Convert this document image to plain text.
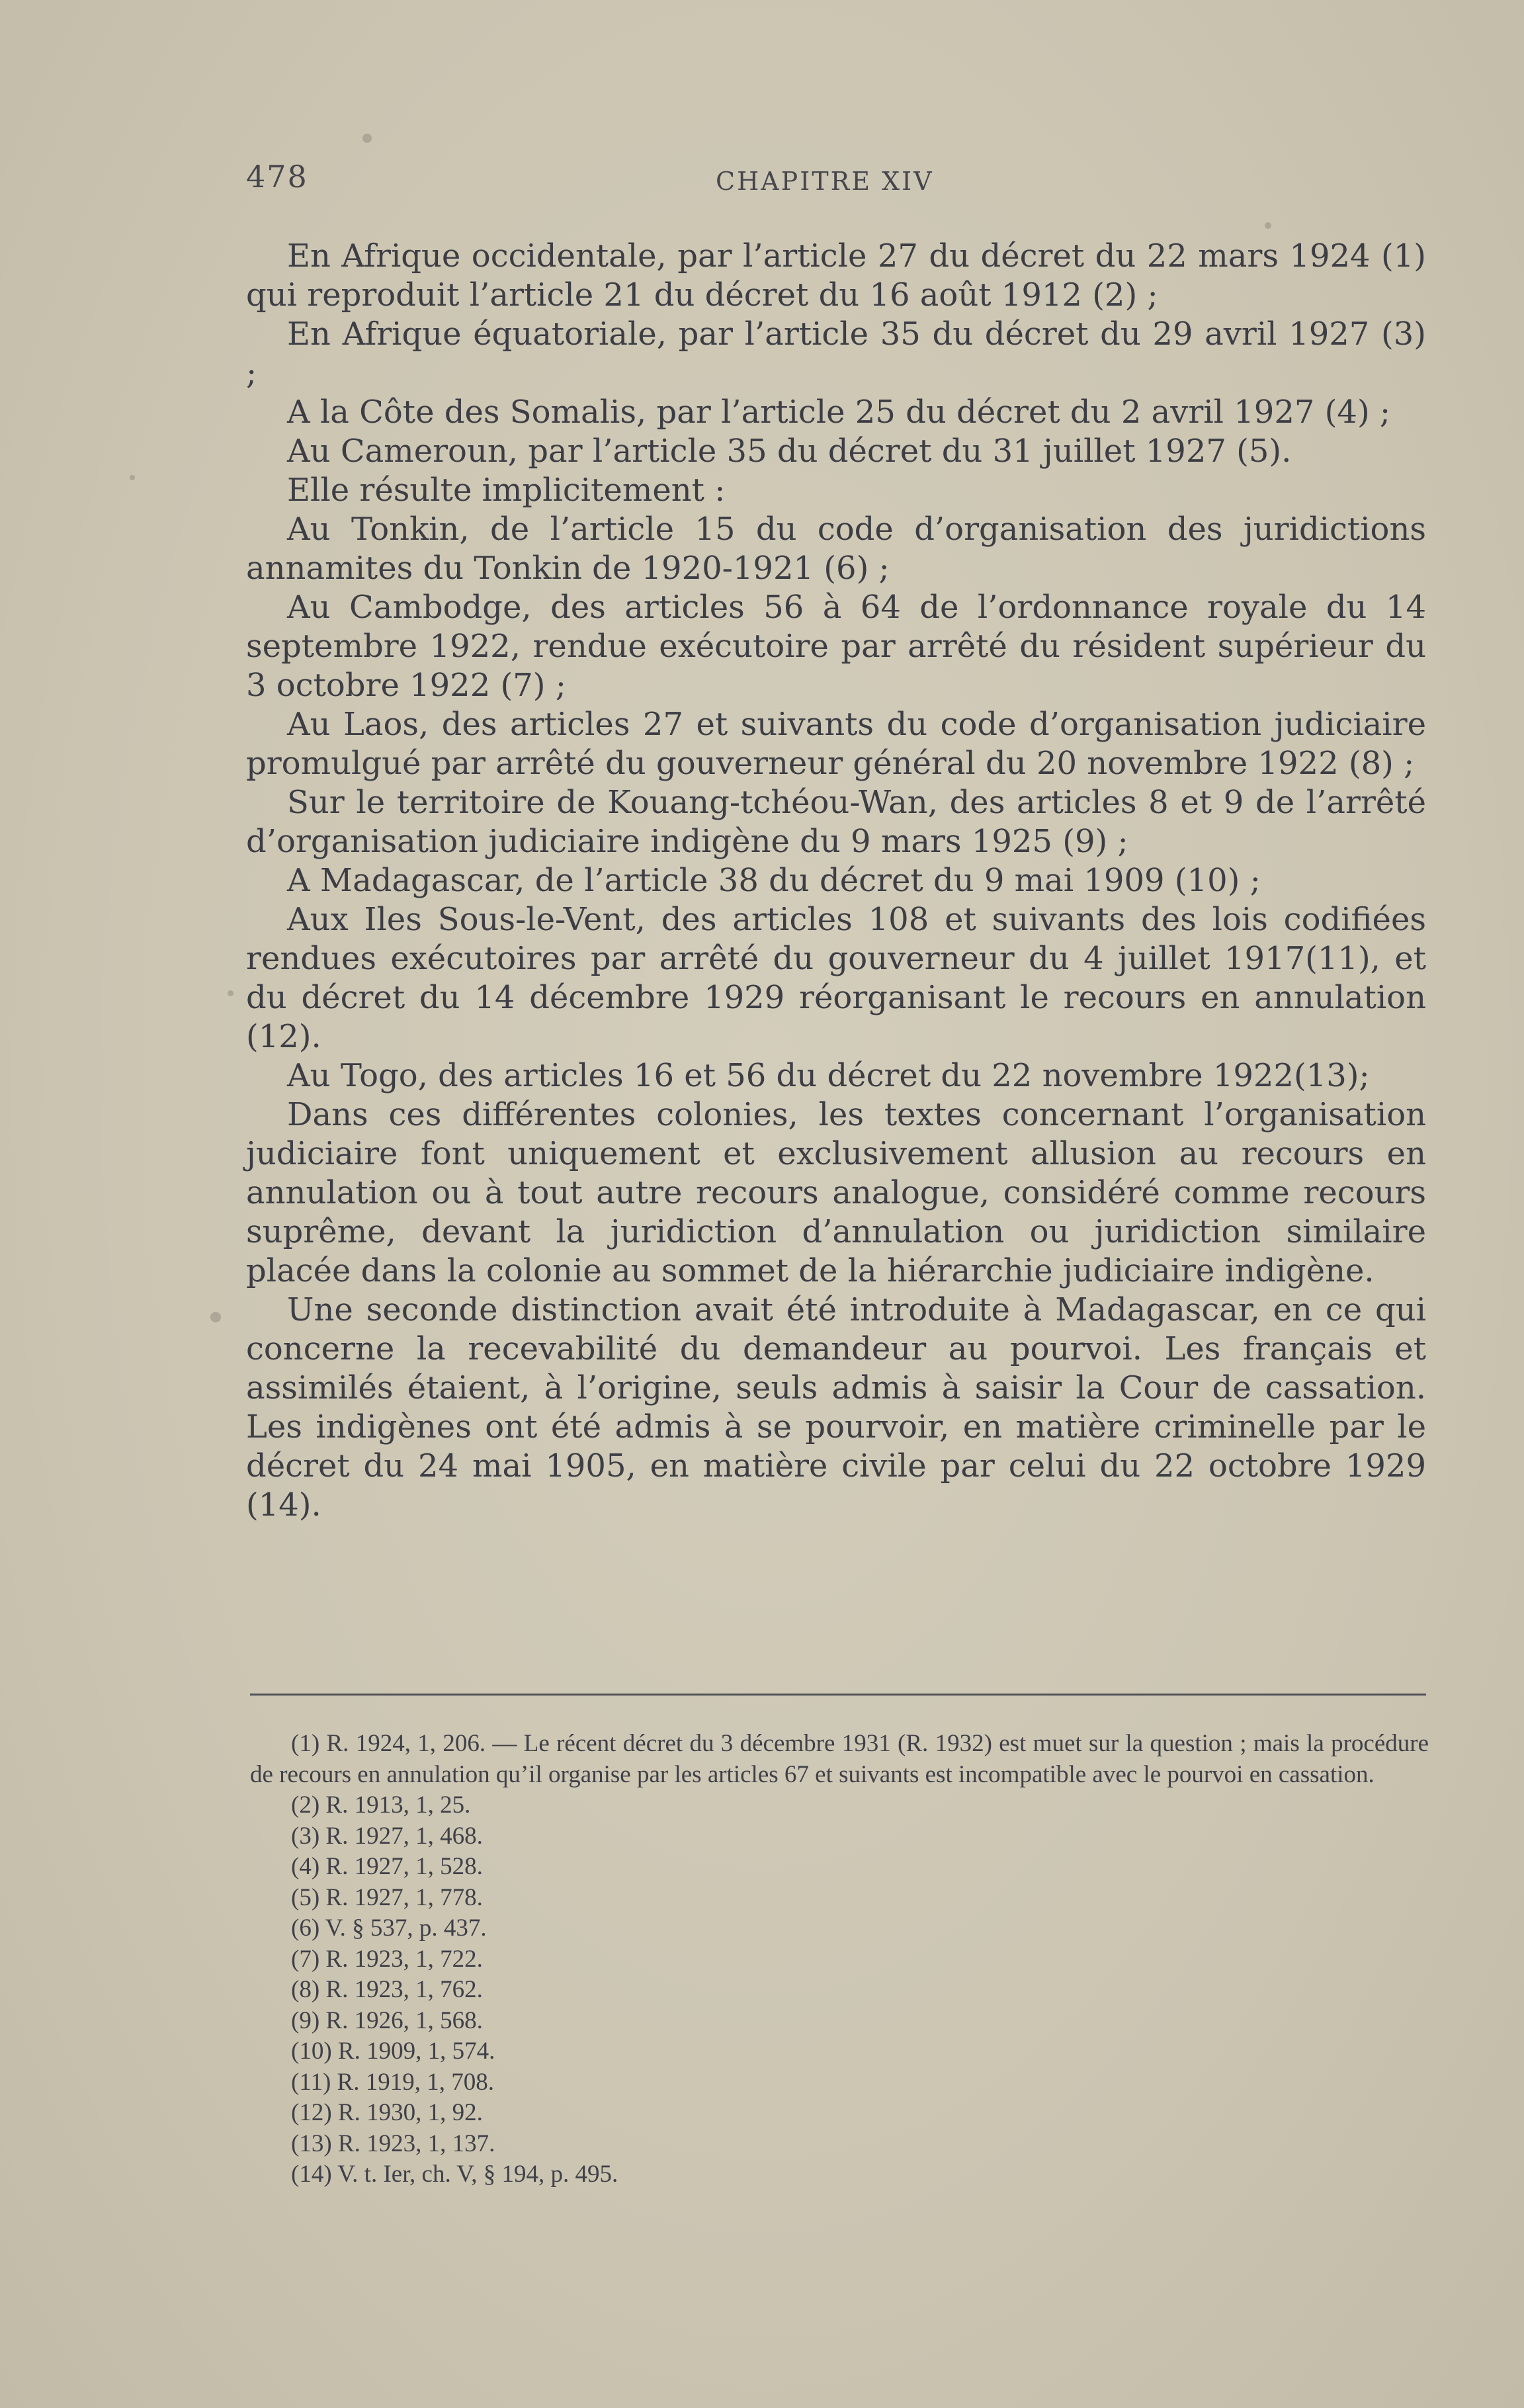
478	CHAPITRE XIV

En Afrique occidentale, par l’article 27 du décret du 22 mars 1924 (1) qui reproduit l’article 21 du décret du 16 août 1912 (2) ;

En Afrique équatoriale, par l’article 35 du décret du 29 avril 1927 (3) ;

A la Côte des Somalis, par l’article 25 du décret du 2 avril 1927 (4) ;

Au Cameroun, par l’article 35 du décret du 31 juillet 1927 (5).

Elle résulte implicitement :

Au Tonkin, de l’article 15 du code d’organisation des juridictions annamites du Tonkin de 1920-1921 (6) ;

Au Cambodge, des articles 56 à 64 de l’ordonnance royale du 14 septembre 1922, rendue exécutoire par arrêté du résident supérieur du 3 octobre 1922 (7) ;

Au Laos, des articles 27 et suivants du code d’organisation judiciaire promulgué par arrêté du gouverneur général du 20 novembre 1922 (8) ;

Sur le territoire de Kouang-tchéou-Wan, des articles 8 et 9 de l’arrêté d’organisation judiciaire indigène du 9 mars 1925 (9) ;

A Madagascar, de l’article 38 du décret du 9 mai 1909 (10) ;

Aux Iles Sous-le-Vent, des articles 108 et suivants des lois codifiées rendues exécutoires par arrêté du gouverneur du 4 juillet 1917(11), et du décret du 14 décembre 1929 réorganisant le recours en annulation (12).

Au Togo, des articles 16 et 56 du décret du 22 novembre 1922(13);

Dans ces différentes colonies, les textes concernant l’organisation judiciaire font uniquement et exclusivement allusion au recours en annulation ou à tout autre recours analogue, considéré comme recours suprême, devant la juridiction d’annulation ou juridiction similaire placée dans la colonie au sommet de la hiérarchie judiciaire indigène.

Une seconde distinction avait été introduite à Madagascar, en ce qui concerne la recevabilité du demandeur au pourvoi. Les français et assimilés étaient, à l’origine, seuls admis à saisir la Cour de cassation. Les indigènes ont été admis à se pourvoir, en matière criminelle par le décret du 24 mai 1905, en matière civile par celui du 22 octobre 1929 (14).

(1) R. 1924, 1, 206. — Le récent décret du 3 décembre 1931 (R. 1932) est muet sur la question ; mais la procédure de recours en annulation qu’il organise par les articles 67 et suivants est incompatible avec le pourvoi en cassation.

(2) R. 1913, 1, 25.

(3) R. 1927, 1, 468.

(4) R. 1927, 1, 528.

(5) R. 1927, 1, 778.

(6) V. § 537, p. 437.

(7) R. 1923, 1, 722.

(8) R. 1923, 1, 762.

(9) R. 1926, 1, 568.

(10) R. 1909, 1, 574.

(11) R. 1919, 1, 708.

(12) R. 1930, 1, 92.

(13) R. 1923, 1, 137.

(14) V. t. Ier, ch. V, § 194, p. 495.
